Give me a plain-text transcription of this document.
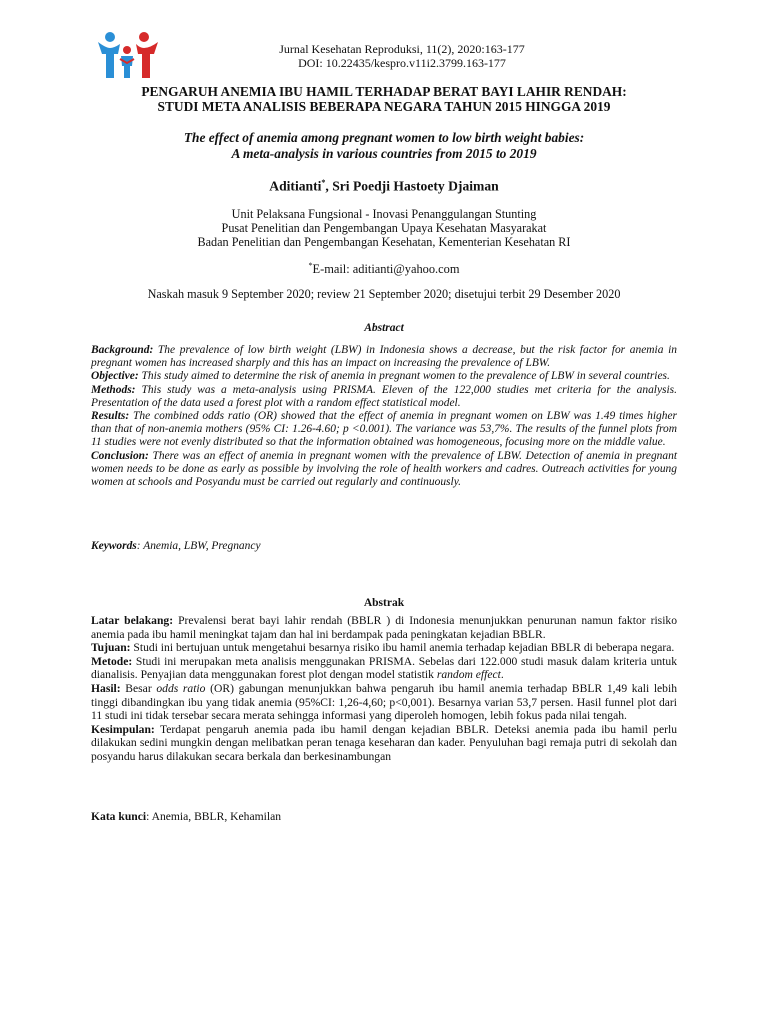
Jurnal Kesehatan Reproduksi, 11(2), 2020:163-177
DOI: 10.22435/kespro.v11i2.3799.163-177
PENGARUH ANEMIA IBU HAMIL TERHADAP BERAT BAYI LAHIR RENDAH:
STUDI META ANALISIS BEBERAPA NEGARA TAHUN 2015 HINGGA 2019
The effect of anemia among pregnant women to low birth weight babies:
A meta-analysis in various countries from 2015 to 2019
Aditianti*, Sri Poedji Hastoety Djaiman
Unit Pelaksana Fungsional - Inovasi Penanggulangan Stunting
Pusat Penelitian dan Pengembangan Upaya Kesehatan Masyarakat
Badan Penelitian dan Pengembangan Kesehatan, Kementerian Kesehatan RI
*E-mail: aditianti@yahoo.com
Naskah masuk 9 September 2020; review 21 September 2020; disetujui terbit 29 Desember 2020
Abstract

Background: The prevalence of low birth weight (LBW) in Indonesia shows a decrease, but the risk factor for anemia in pregnant women has increased sharply and this has an impact on increasing the prevalence of LBW.

Objective: This study aimed to determine the risk of anemia in pregnant women to the prevalence of LBW in several countries.

Methods: This study was a meta-analysis using PRISMA. Eleven of the 122,000 studies met criteria for the analysis. Presentation of the data used a forest plot with a random effect statistical model.

Results: The combined odds ratio (OR) showed that the effect of anemia in pregnant women on LBW was 1.49 times higher than that of non-anemia mothers (95% CI: 1.26-4.60; p <0.001). The variance was 53,7%. The results of the funnel plots from 11 studies were not evenly distributed so that the information obtained was homogeneous, focusing more on the middle value.

Conclusion: There was an effect of anemia in pregnant women with the prevalence of LBW. Detection of anemia in pregnant women needs to be done as early as possible by involving the role of health workers and cadres. Outreach activities for young women at schools and Posyandu must be carried out regularly and continuously.

Keywords: Anemia, LBW, Pregnancy
Abstrak

Latar belakang: Prevalensi berat bayi lahir rendah (BBLR ) di Indonesia menunjukkan penurunan namun faktor risiko anemia pada ibu hamil meningkat tajam dan hal ini berdampak pada peningkatan kejadian BBLR.

Tujuan: Studi ini bertujuan untuk mengetahui besarnya risiko ibu hamil anemia terhadap kejadian BBLR di beberapa negara.

Metode: Studi ini merupakan meta analisis menggunakan PRISMA. Sebelas dari 122.000 studi masuk dalam kriteria untuk dianalisis. Penyajian data menggunakan forest plot dengan model statistik random effect.

Hasil: Besar odds ratio (OR) gabungan menunjukkan bahwa pengaruh ibu hamil anemia terhadap BBLR 1,49 kali lebih tinggi dibandingkan ibu yang tidak anemia (95%CI: 1,26-4,60; p<0,001). Besarnya varian 53,7 persen. Hasil funnel plot dari 11 studi ini tidak tersebar secara merata sehingga informasi yang diperoleh homogen, lebih fokus pada nilai tengah.

Kesimpulan: Terdapat pengaruh anemia pada ibu hamil dengan kejadian BBLR. Deteksi anemia pada ibu hamil perlu dilakukan sedini mungkin dengan melibatkan peran tenaga keseharan dan kader. Penyuluhan bagi remaja putri di sekolah dan posyandu harus dilakukan secara berkala dan berkesinambungan

Kata kunci: Anemia, BBLR, Kehamilan
